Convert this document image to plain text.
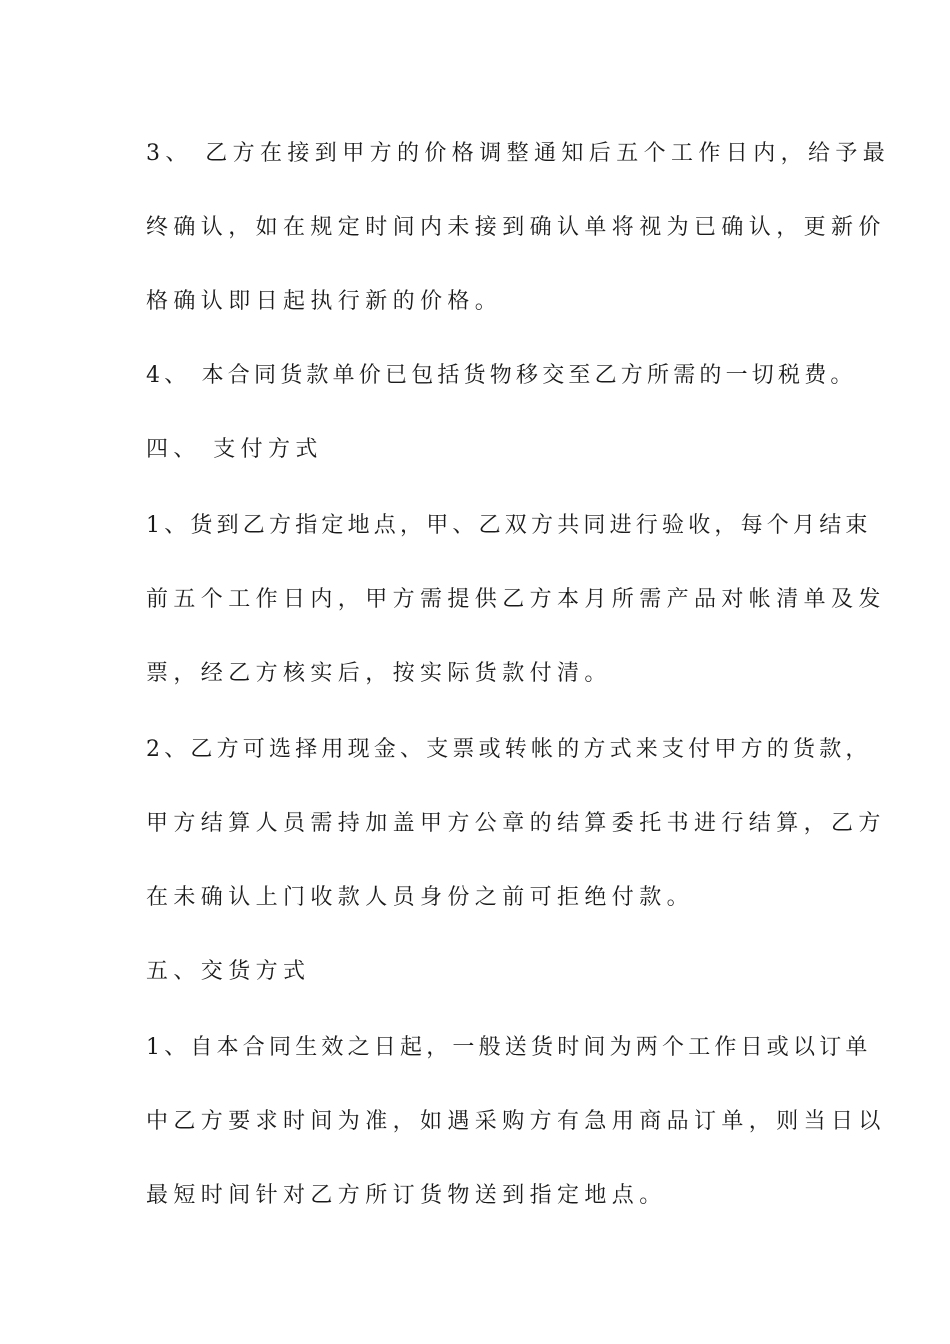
3、 乙方在接到甲方的价格调整通知后五个工作日内，给予最
终确认，如在规定时间内未接到确认单将视为已确认，更新价
格确认即日起执行新的价格。
4、 本合同货款单价已包括货物移交至乙方所需的一切税费。
四、 支付方式
1、货到乙方指定地点，甲、乙双方共同进行验收，每个月结束
前五个工作日内，甲方需提供乙方本月所需产品对帐清单及发
票，经乙方核实后，按实际货款付清。
2、乙方可选择用现金、支票或转帐的方式来支付甲方的货款，
甲方结算人员需持加盖甲方公章的结算委托书进行结算，乙方
在未确认上门收款人员身份之前可拒绝付款。
五、交货方式
1、自本合同生效之日起，一般送货时间为两个工作日或以订单
中乙方要求时间为准，如遇采购方有急用商品订单，则当日以
最短时间针对乙方所订货物送到指定地点。
